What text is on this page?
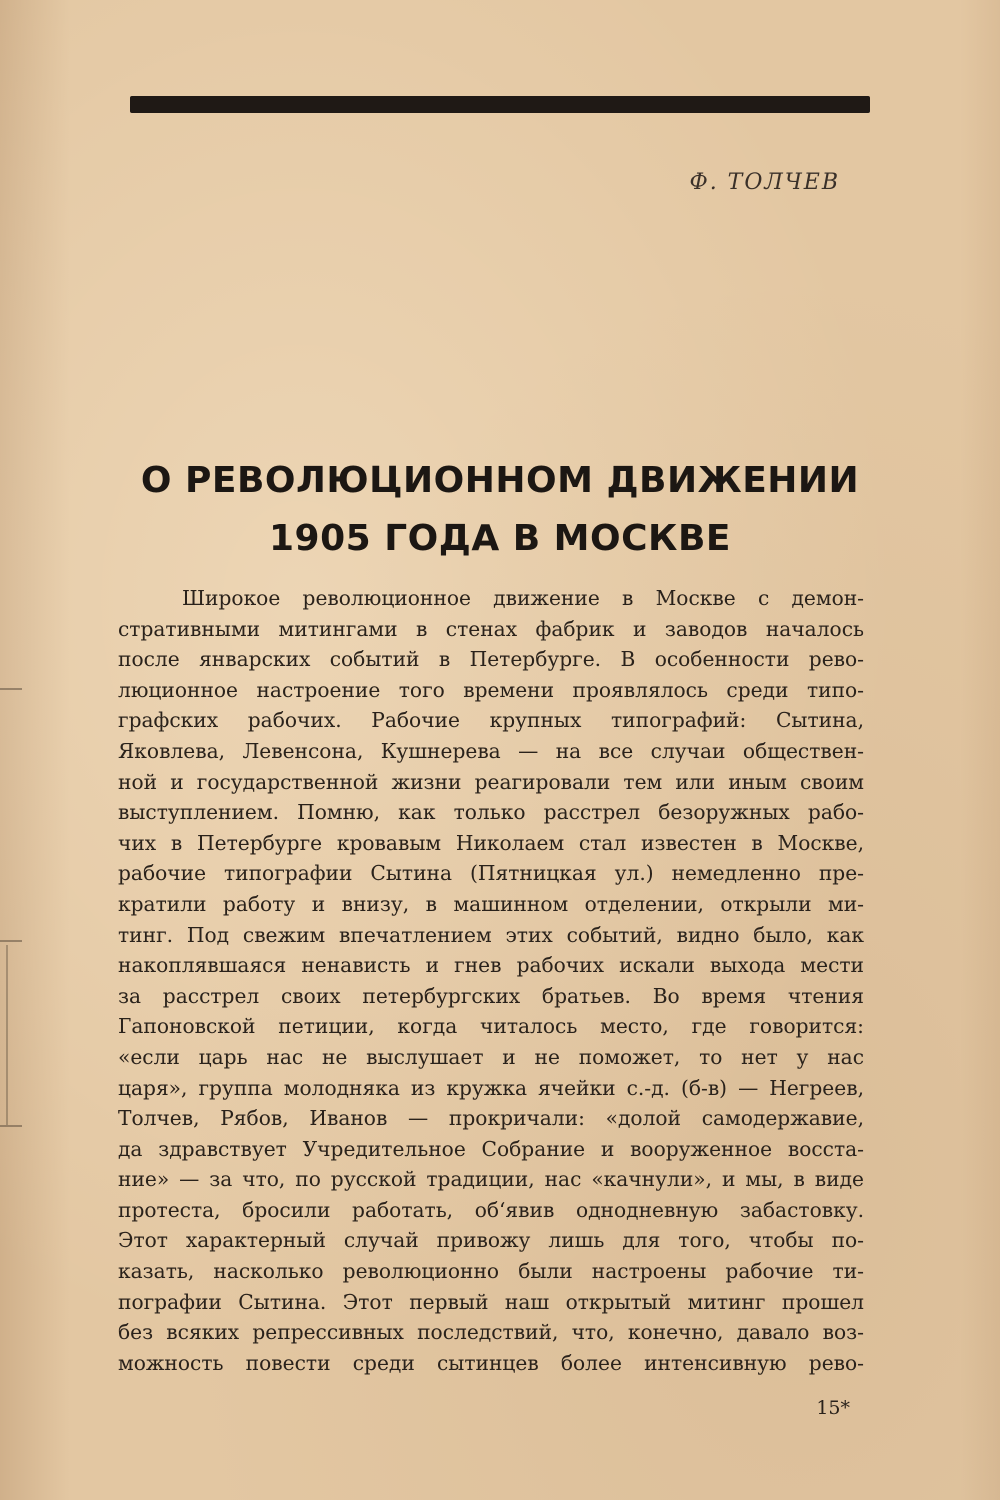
Ф. ТОЛЧЕВ
О РЕВОЛЮЦИОННОМ ДВИЖЕНИИ
1905 ГОДА В МОСКВЕ
Широкое революционное движение в Москве с демон-
стративными митингами в стенах фабрик и заводов началось
после январских событий в Петербурге. В особенности рево-
люционное настроение того времени проявлялось среди типо-
графских рабочих. Рабочие крупных типографий: Сытина,
Яковлева, Левенсона, Кушнерева — на все случаи обществен-
ной и государственной жизни реагировали тем или иным своим
выступлением. Помню, как только расстрел безоружных рабо-
чих в Петербурге кровавым Николаем стал известен в Москве,
рабочие типографии Сытина (Пятницкая ул.) немедленно пре-
кратили работу и внизу, в машинном отделении, открыли ми-
тинг. Под свежим впечатлением этих событий, видно было, как
накоплявшаяся ненависть и гнев рабочих искали выхода мести
за расстрел своих петербургских братьев. Во время чтения
Гапоновской петиции, когда читалось место, где говорится:
«если царь нас не выслушает и не поможет, то нет у нас
царя», группа молодняка из кружка ячейки с.-д. (б-в) — Негреев,
Толчев, Рябов, Иванов — прокричали: «долой самодержавие,
да здравствует Учредительное Собрание и вооруженное восста-
ние» — за что, по русской традиции, нас «качнули», и мы, в виде
протеста, бросили работать, об‘явив однодневную забастовку.
Этот характерный случай привожу лишь для того, чтобы по-
казать, насколько революционно были настроены рабочие ти-
пографии Сытина. Этот первый наш открытый митинг прошел
без всяких репрессивных последствий, что, конечно, давало воз-
можность повести среди сытинцев более интенсивную рево-
15*
